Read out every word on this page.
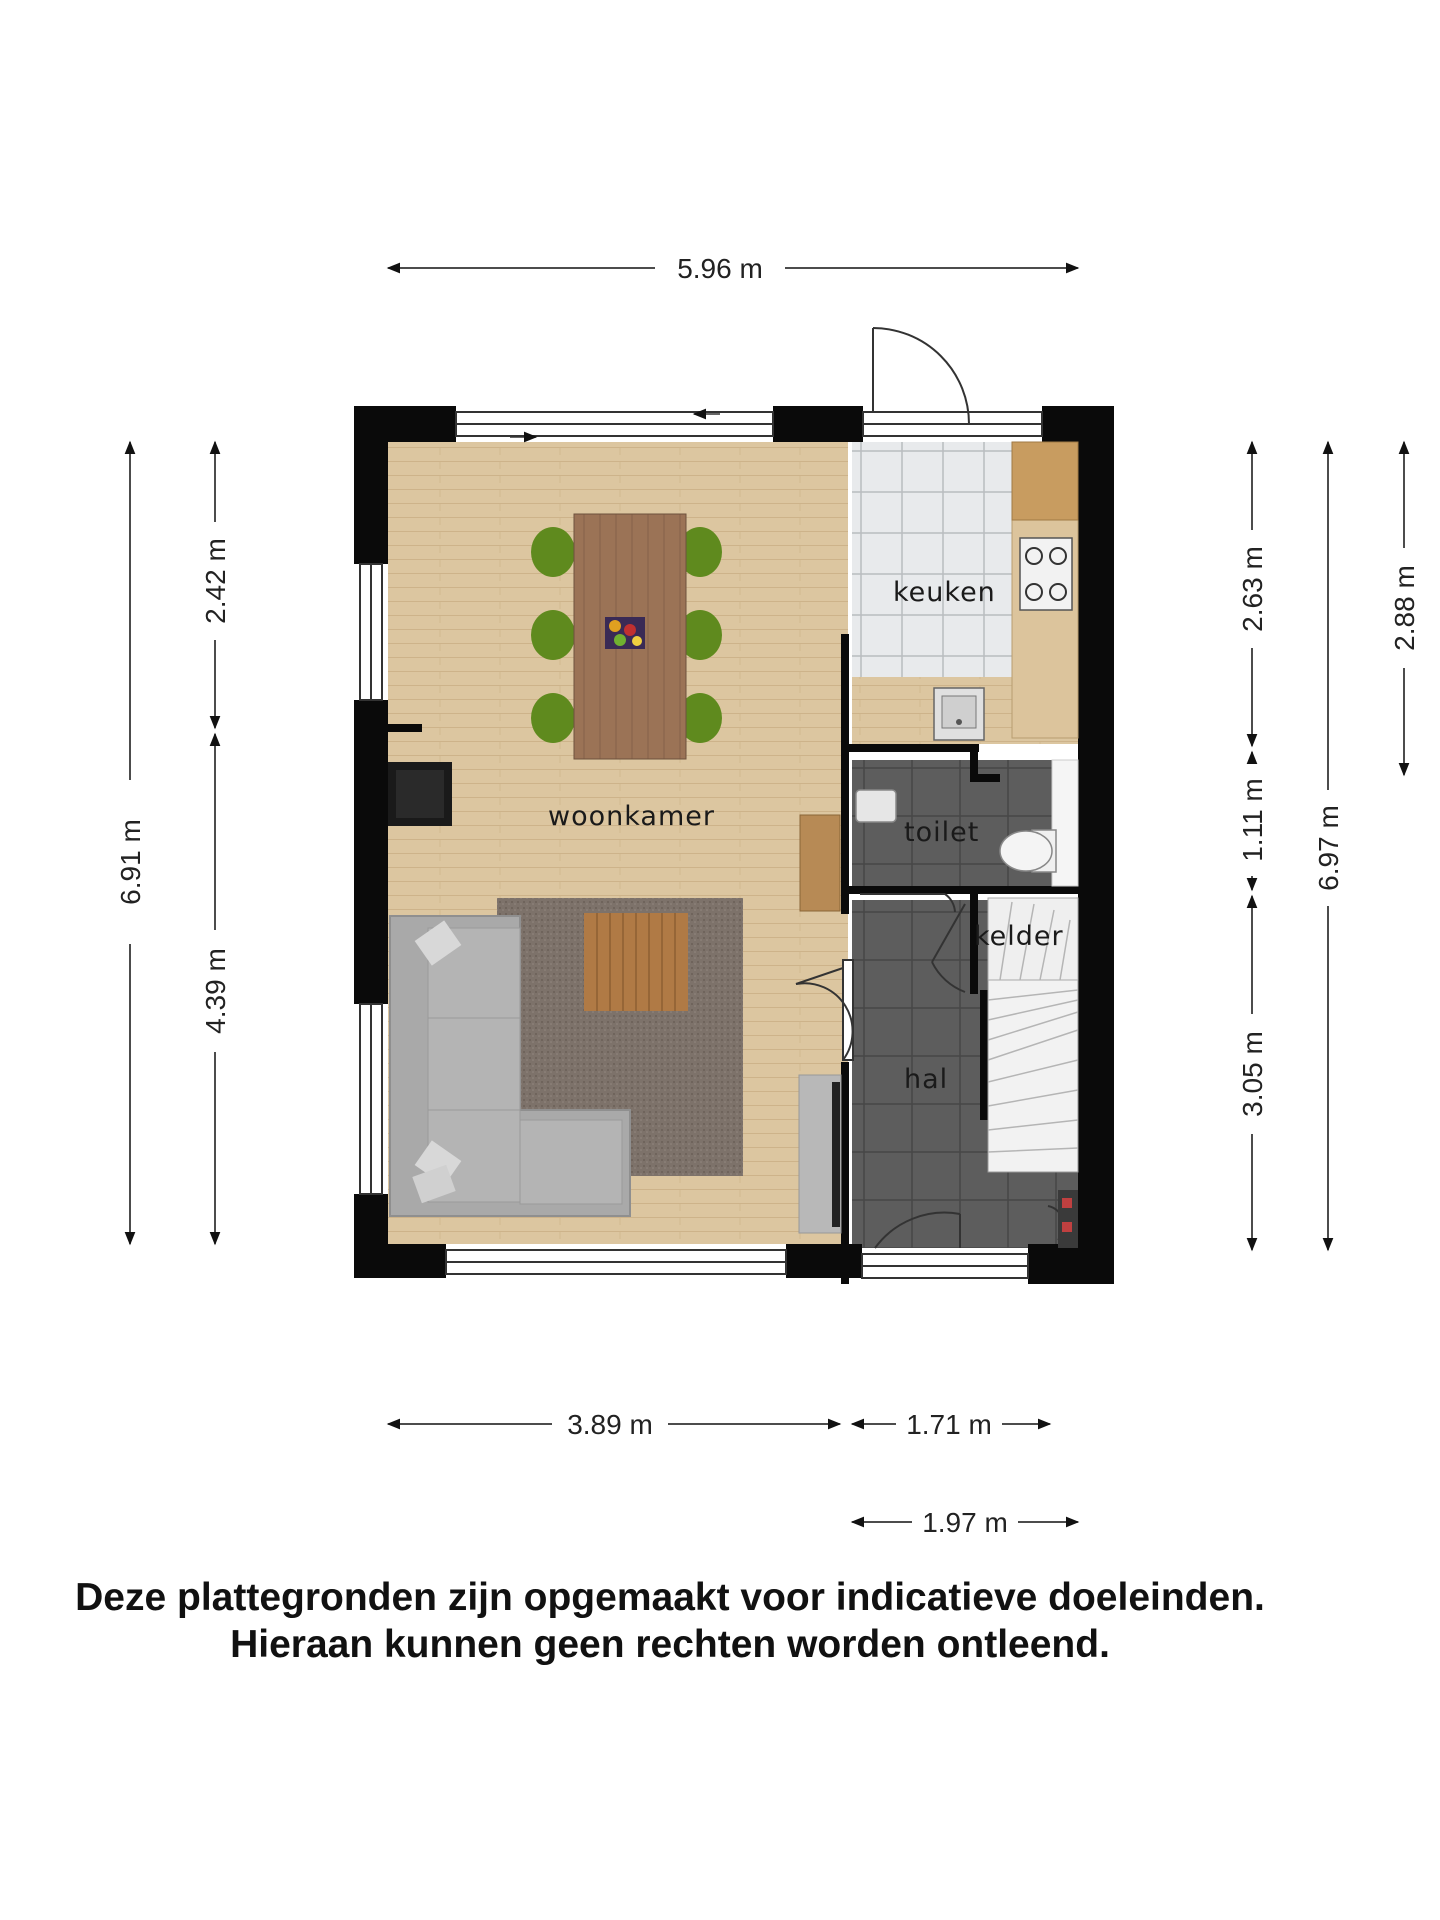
woonkamer
keuken
toilet
kelder
hal
5.96 m
6.91 m
2.42 m
4.39 m
2.63 m
1.11 m
3.05 m
6.97 m
2.88 m
3.89 m	1.71 m
1.97 m
Deze plattegronden zijn opgemaakt voor indicatieve doeleinden.
Hieraan kunnen geen rechten worden ontleend.
